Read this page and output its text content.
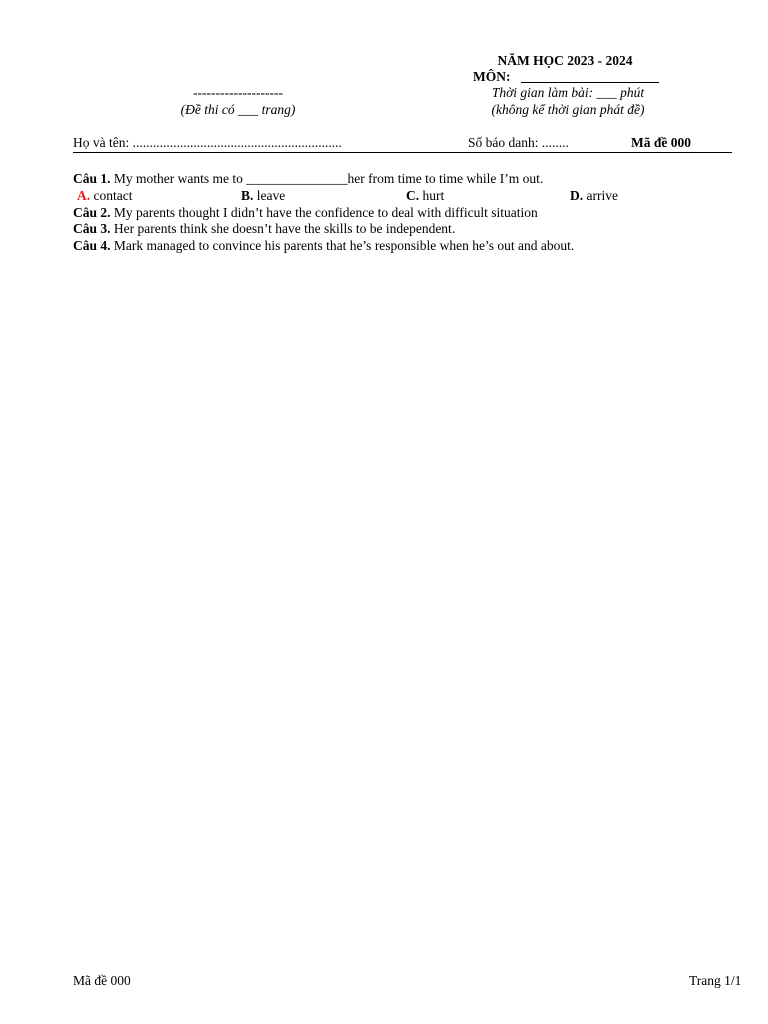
NĂM HỌC 2023 - 2024
MÔN:
Thời gian làm bài: ___ phút
(không kể thời gian phát đề)
--------------------
(Đề thi có ___ trang)
Họ và tên: ..............................................................	Số báo danh: ........	Mã đề 000
Câu 1. My mother wants me to _______________her from time to time while I’m out.
A. contact	B. leave	C. hurt	D. arrive
Câu 2. My parents thought I didn’t have the confidence to deal with difficult situation
Câu 3. Her parents think she doesn’t have the skills to be independent.
Câu 4. Mark managed to convince his parents that he’s responsible when he’s out and about.
Mã đề 000	Trang 1/1
